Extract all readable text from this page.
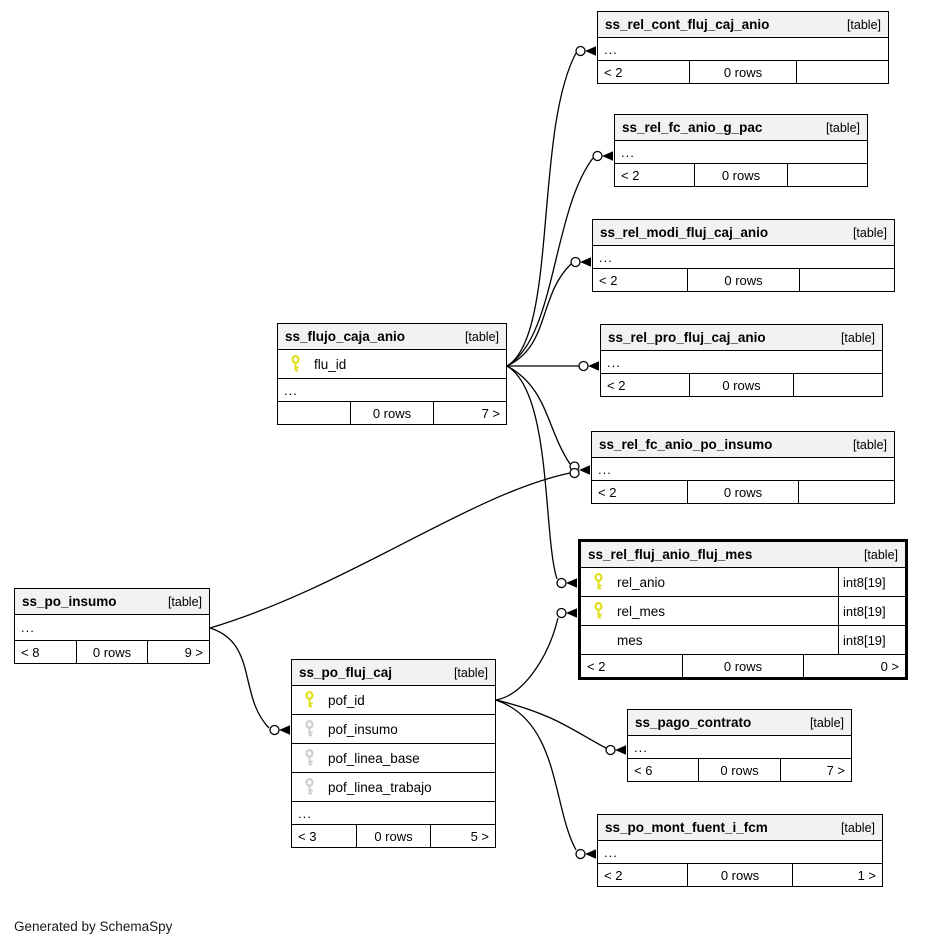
ss_rel_cont_fluj_caj_anio	[table]
...
< 2	0 rows
ss_rel_fc_anio_g_pac	[table]
...
< 2	0 rows
ss_rel_modi_fluj_caj_anio	[table]
...
< 2	0 rows
ss_rel_pro_fluj_caj_anio	[table]
...
< 2	0 rows
ss_flujo_caja_anio	[table]
flu_id
...
0 rows	7 >
ss_rel_fc_anio_po_insumo	[table]
...
< 2	0 rows
ss_rel_fluj_anio_fluj_mes	[table]
rel_anio	int8[19]
rel_mes	int8[19]
mes	int8[19]
< 2	0 rows	0 >
ss_po_insumo	[table]
...
< 8	0 rows	9 >
ss_po_fluj_caj	[table]
pof_id
pof_insumo
pof_linea_base
pof_linea_trabajo
...
< 3	0 rows	5 >
ss_pago_contrato	[table]
...
< 6	0 rows	7 >
ss_po_mont_fuent_i_fcm	[table]
...
< 2	0 rows	1 >
Generated by SchemaSpy
